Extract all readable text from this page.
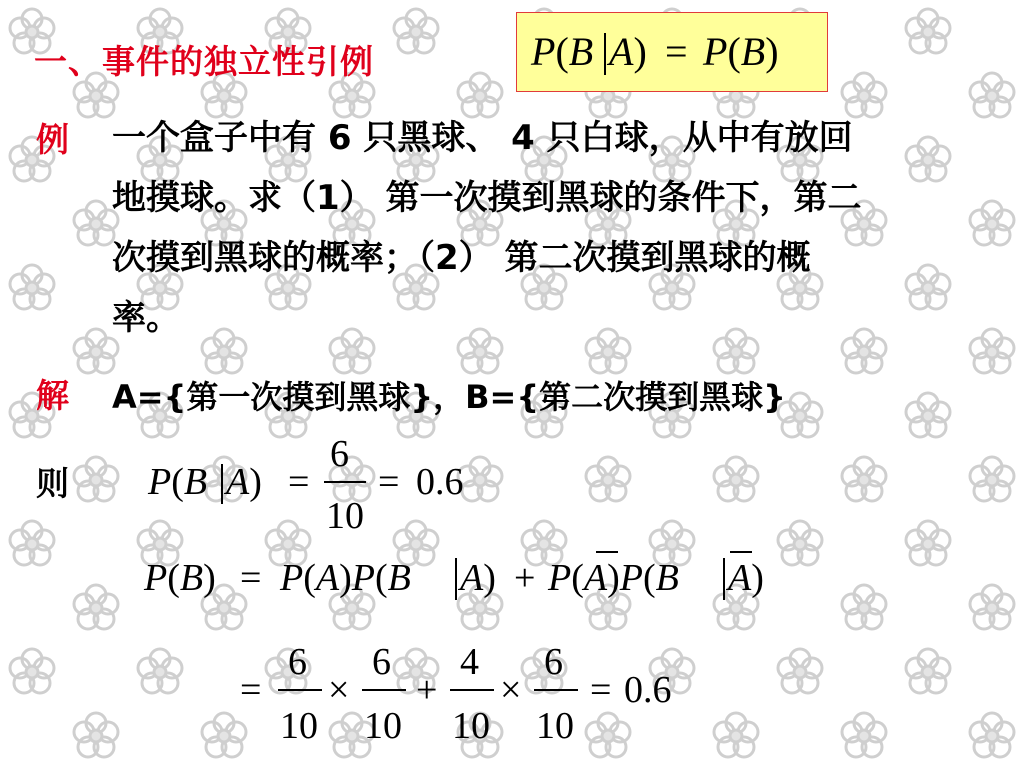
一、事件的独立性引例	P(B A) = P(B)
例 一个盒子中有 6 只黑球、 4 只白球，从中有放回
地摸球。求（1） 第一次摸到黑球的条件下，第二
次摸到黑球的概率；（2） 第二次摸到黑球的概
率。
解 A={第一次摸到黑球}，B={第二次摸到黑球}
则 P(B A) =
6
10
= 0.6
P(B) = P(A)P(B A) + P(A)P(B A)
=
6
10
×
6
10
+
4
10
×
6
10
= 0.6
